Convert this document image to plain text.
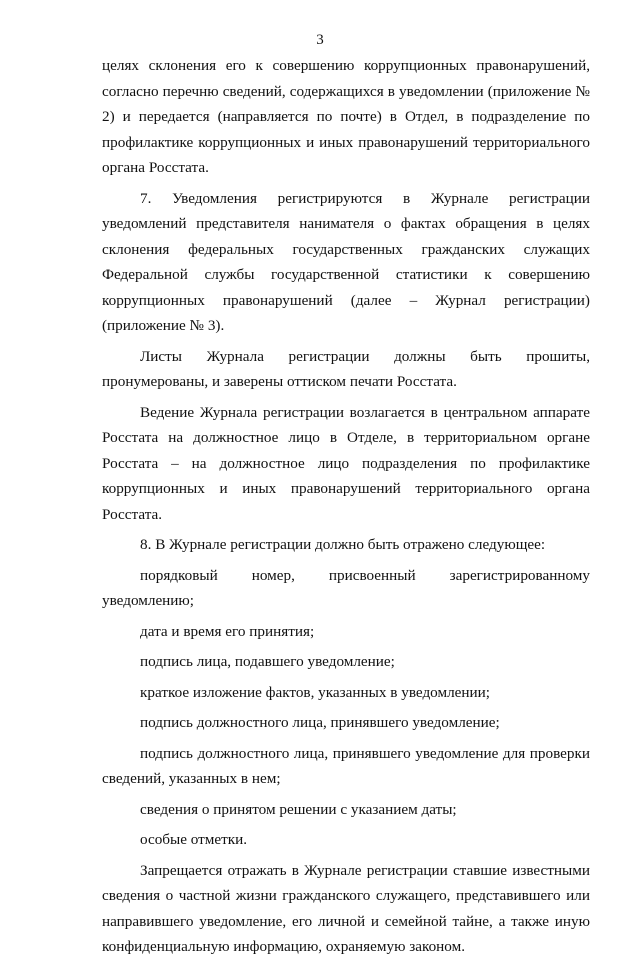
3

целях склонения его к совершению коррупционных правонарушений, согласно перечню сведений, содержащихся в уведомлении (приложение № 2) и передается (направляется по почте) в Отдел, в подразделение по профилактике коррупционных и иных правонарушений территориального органа Росстата.

7. Уведомления регистрируются в Журнале регистрации уведомлений представителя нанимателя о фактах обращения в целях склонения федеральных государственных гражданских служащих Федеральной службы государственной статистики к совершению коррупционных правонарушений (далее – Журнал регистрации) (приложение № 3).

Листы Журнала регистрации должны быть прошиты, пронумерованы, и заверены оттиском печати Росстата.

Ведение Журнала регистрации возлагается в центральном аппарате Росстата на должностное лицо в Отделе, в территориальном органе Росстата – на должностное лицо подразделения по профилактике коррупционных и иных правонарушений территориального органа Росстата.

8. В Журнале регистрации должно быть отражено следующее:

порядковый номер, присвоенный зарегистрированному уведомлению;

дата и время его принятия;

подпись лица, подавшего уведомление;

краткое изложение фактов, указанных в уведомлении;

подпись должностного лица, принявшего уведомление;

подпись должностного лица, принявшего уведомление для проверки сведений, указанных в нем;

сведения о принятом решении с указанием даты;

особые отметки.

Запрещается отражать в Журнале регистрации ставшие известными сведения о частной жизни гражданского служащего, представившего или направившего уведомление, его личной и семейной тайне, а также иную конфиденциальную информацию, охраняемую законом.
